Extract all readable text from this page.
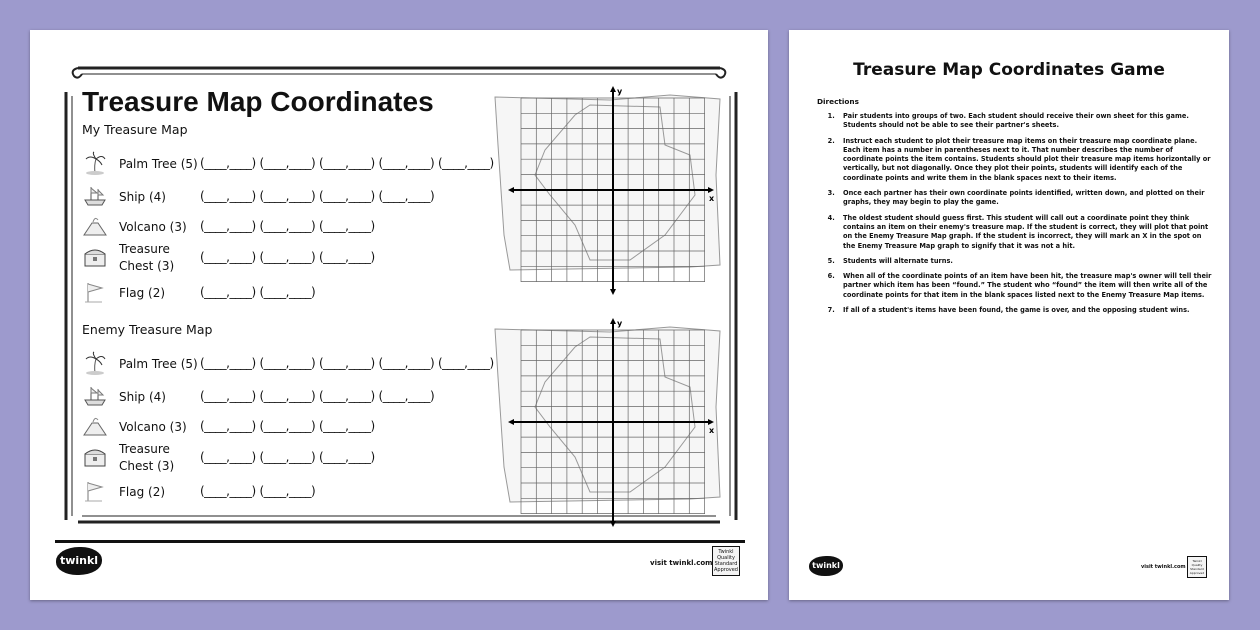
y
x
My Treasure Map
Palm Tree (5) (____,____) (____,____) (____,____) (____,____) (____,____)
Ship (4)	(____,____) (____,____) (____,____) (____,____)
Volcano (3) (____,____) (____,____) (____,____)
Treasure
Chest (3)
(____,____) (____,____) (____,____)
Flag (2)	(____,____) (____,____)
y
x
Enemy Treasure Map
Palm Tree (5) (____,____) (____,____) (____,____) (____,____) (____,____)
Ship (4)	(____,____) (____,____) (____,____) (____,____)
Volcano (3) (____,____) (____,____) (____,____)
Treasure
Chest (3)
(____,____) (____,____) (____,____)
Flag (2)	(____,____) (____,____)
Treasure Map Coordinates
twinkl	visit twinkl.com
Twinkl Quality Standard Approved
Treasure Map Coordinates Game
Directions
1. Pair students into groups of two. Each student should receive their own sheet for this game. Students should not be able to see their partner's sheets.
2. Instruct each student to plot their treasure map items on their treasure map coordinate plane. Each item has a number in parentheses next to it. That number describes the number of coordinate points the item contains. Students should plot their treasure map items horizontally or vertically, but not diagonally. Once they plot their points, students will identify each of the coordinate points and write them in the blank spaces next to their items.
3. Once each partner has their own coordinate points identified, written down, and plotted on their graphs, they may begin to play the game.
4. The oldest student should guess first. This student will call out a coordinate point they think contains an item on their enemy's treasure map. If the student is correct, they will plot that point on the Enemy Treasure Map graph. If the student is incorrect, they will mark an X in the spot on the Enemy Treasure Map graph to signify that it was not a hit.
5. Students will alternate turns.
6. When all of the coordinate points of an item have been hit, the treasure map's owner will tell their partner which item has been “found.” The student who “found” the item will then write all of the coordinate points for that item in the blank spaces listed next to the Enemy Treasure Map items.
7. If all of a student's items have been found, the game is over, and the opposing student wins.
twinkl	visit twinkl.com
Twinkl Quality Standard Approved
